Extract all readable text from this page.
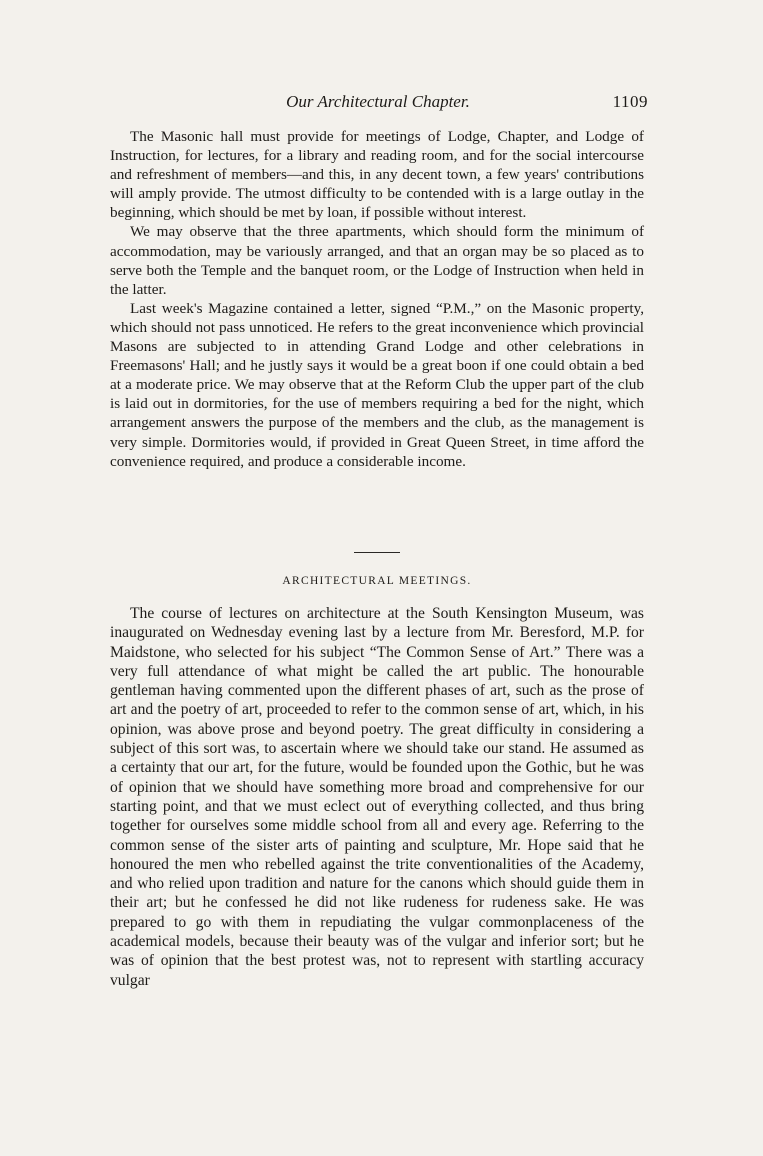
Our Architectural Chapter.	1109

The Masonic hall must provide for meetings of Lodge, Chapter, and Lodge of Instruction, for lectures, for a library and reading room, and for the social intercourse and refreshment of members—and this, in any decent town, a few years' contributions will amply provide. The utmost difficulty to be contended with is a large outlay in the beginning, which should be met by loan, if possible without interest.

We may observe that the three apartments, which should form the minimum of accommodation, may be variously arranged, and that an organ may be so placed as to serve both the Temple and the banquet room, or the Lodge of Instruction when held in the latter.

Last week's Magazine contained a letter, signed “P.M.,” on the Masonic property, which should not pass unnoticed. He refers to the great inconvenience which provincial Masons are subjected to in attending Grand Lodge and other celebrations in Freemasons' Hall; and he justly says it would be a great boon if one could obtain a bed at a moderate price. We may observe that at the Reform Club the upper part of the club is laid out in dormitories, for the use of members requiring a bed for the night, which arrangement answers the purpose of the members and the club, as the management is very simple. Dormitories would, if provided in Great Queen Street, in time afford the convenience required, and produce a considerable income.

ARCHITECTURAL MEETINGS.

The course of lectures on architecture at the South Kensington Museum, was inaugurated on Wednesday evening last by a lecture from Mr. Beresford, M.P. for Maidstone, who selected for his subject “The Common Sense of Art.” There was a very full attendance of what might be called the art public. The honourable gentleman having commented upon the different phases of art, such as the prose of art and the poetry of art, proceeded to refer to the common sense of art, which, in his opinion, was above prose and beyond poetry. The great difficulty in considering a subject of this sort was, to ascertain where we should take our stand. He assumed as a certainty that our art, for the future, would be founded upon the Gothic, but he was of opinion that we should have something more broad and comprehensive for our starting point, and that we must eclect out of everything collected, and thus bring together for ourselves some middle school from all and every age. Referring to the common sense of the sister arts of painting and sculpture, Mr. Hope said that he honoured the men who rebelled against the trite conventionalities of the Academy, and who relied upon tradition and nature for the canons which should guide them in their art; but he confessed he did not like rudeness for rudeness sake. He was prepared to go with them in repudiating the vulgar commonplaceness of the academical models, because their beauty was of the vulgar and inferior sort; but he was of opinion that the best protest was, not to represent with startling accuracy vulgar
